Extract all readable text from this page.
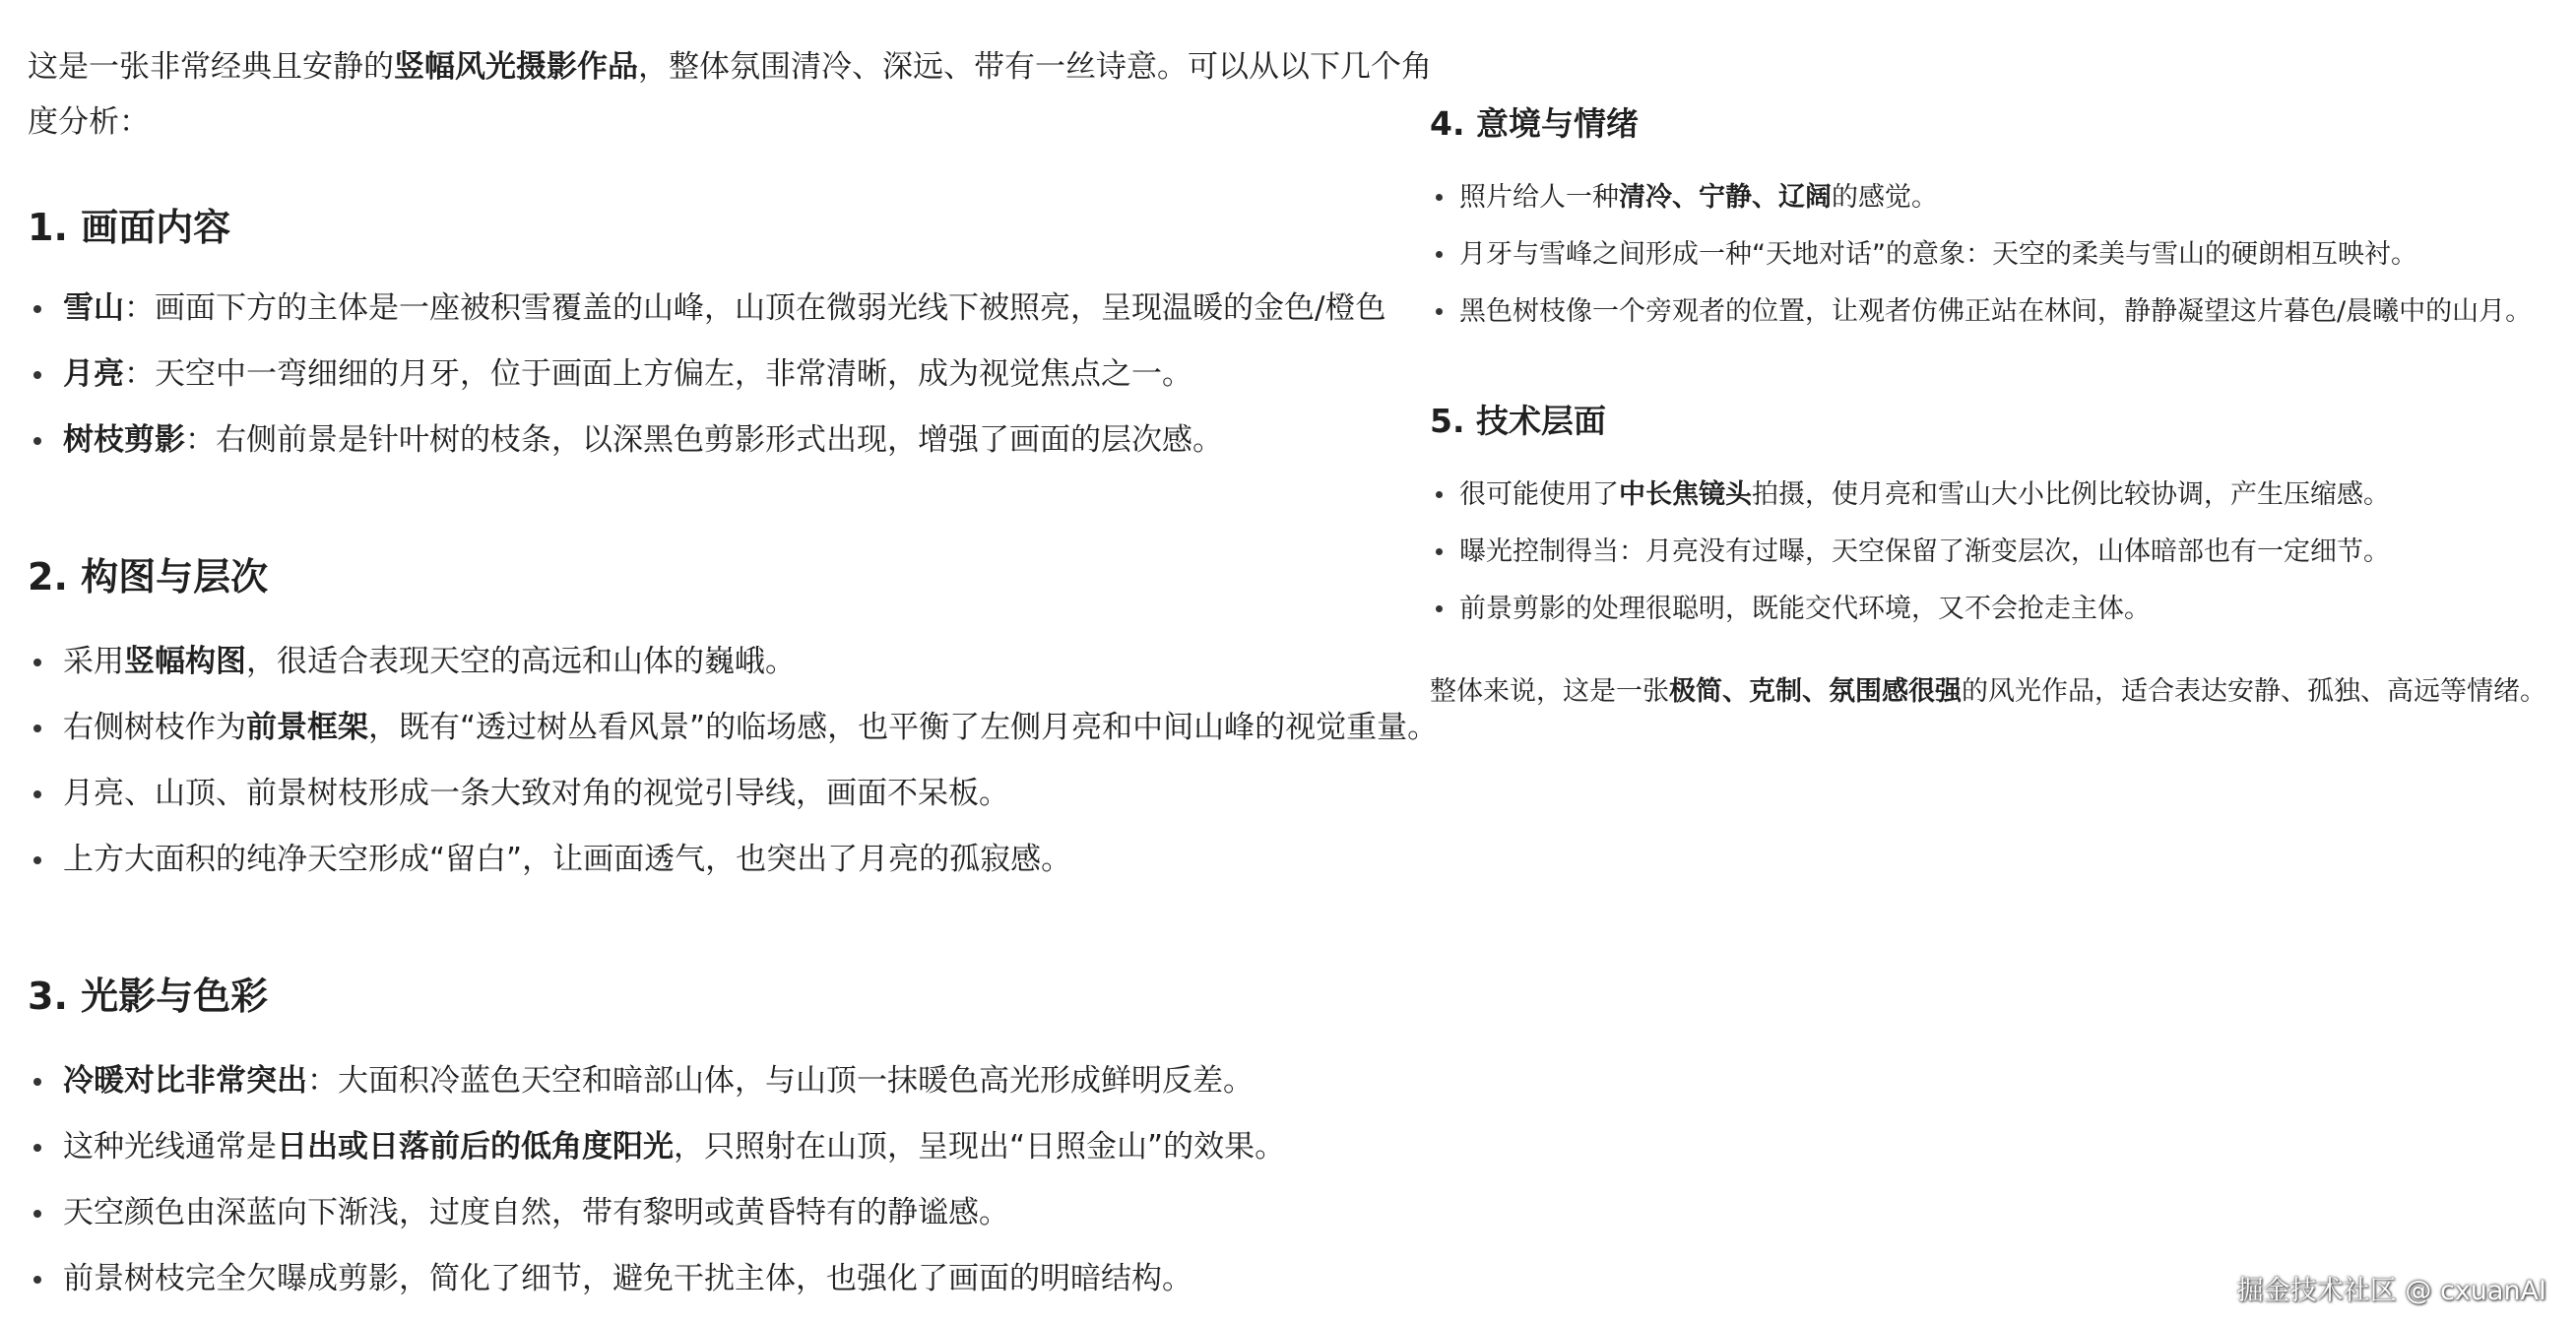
这是一张非常经典且安静的竖幅风光摄影作品，整体氛围清冷、深远、带有一丝诗意。可以从以下几个角
度分析：

1. 画面内容
雪山：画面下方的主体是一座被积雪覆盖的山峰，山顶在微弱光线下被照亮，呈现温暖的金色/橙色
月亮：天空中一弯细细的月牙，位于画面上方偏左，非常清晰，成为视觉焦点之一。
树枝剪影：右侧前景是针叶树的枝条，以深黑色剪影形式出现，增强了画面的层次感。
2. 构图与层次
采用竖幅构图，很适合表现天空的高远和山体的巍峨。
右侧树枝作为前景框架，既有“透过树丛看风景”的临场感，也平衡了左侧月亮和中间山峰的视觉重量。
月亮、山顶、前景树枝形成一条大致对角的视觉引导线，画面不呆板。
上方大面积的纯净天空形成“留白”，让画面透气，也突出了月亮的孤寂感。
3. 光影与色彩
冷暖对比非常突出：大面积冷蓝色天空和暗部山体，与山顶一抹暖色高光形成鲜明反差。
这种光线通常是日出或日落前后的低角度阳光，只照射在山顶，呈现出“日照金山”的效果。
天空颜色由深蓝向下渐浅，过度自然，带有黎明或黄昏特有的静谧感。
前景树枝完全欠曝成剪影，简化了细节，避免干扰主体，也强化了画面的明暗结构。
4. 意境与情绪
照片给人一种清冷、宁静、辽阔的感觉。
月牙与雪峰之间形成一种“天地对话”的意象：天空的柔美与雪山的硬朗相互映衬。
黑色树枝像一个旁观者的位置，让观者仿佛正站在林间，静静凝望这片暮色/晨曦中的山月。
5. 技术层面
很可能使用了中长焦镜头拍摄，使月亮和雪山大小比例比较协调，产生压缩感。
曝光控制得当：月亮没有过曝，天空保留了渐变层次，山体暗部也有一定细节。
前景剪影的处理很聪明，既能交代环境，又不会抢走主体。

整体来说，这是一张极简、克制、氛围感很强的风光作品，适合表达安静、孤独、高远等情绪。

掘金技术社区 @ cxuanAI
